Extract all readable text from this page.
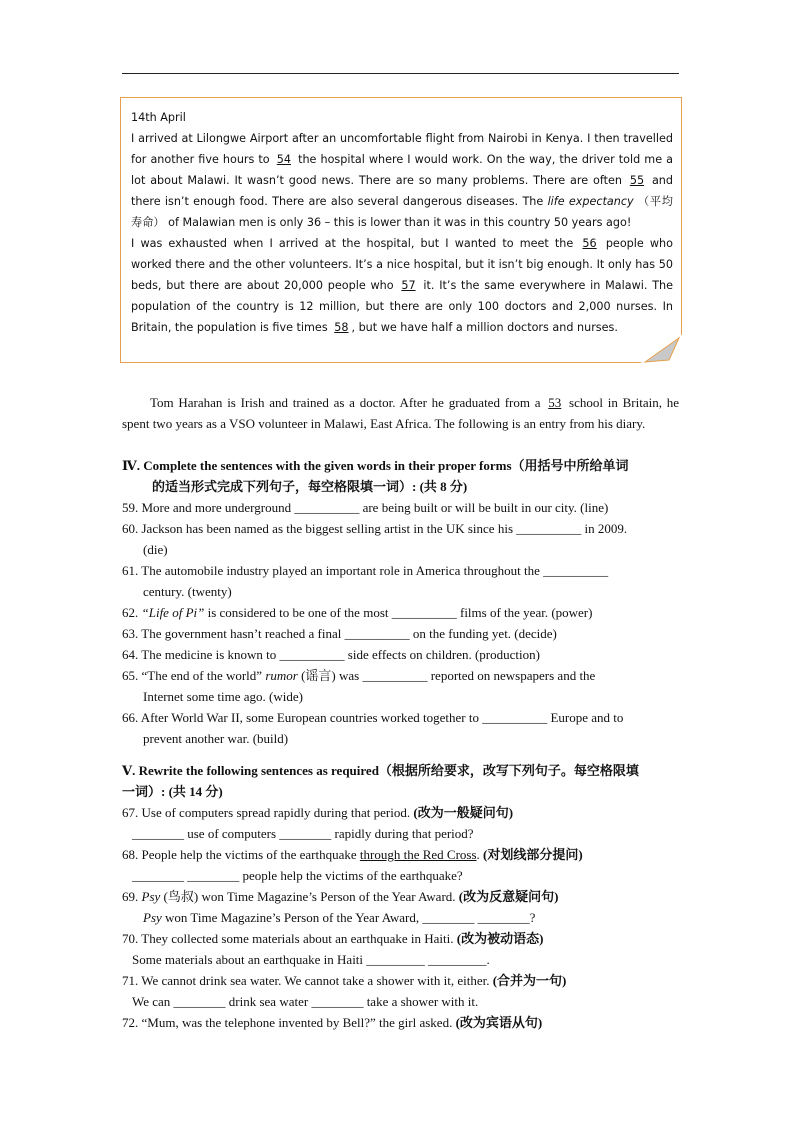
14th April

I arrived at Lilongwe Airport after an uncomfortable flight from Nairobi in Kenya. I then travelled for another five hours to 54 the hospital where I would work. On the way, the driver told me a lot about Malawi. It wasn’t good news. There are so many problems. There are often 55 and there isn’t enough food. There are also several dangerous diseases. The life expectancy （平均寿命） of Malawian men is only 36 – this is lower than it was in this country 50 years ago!

I was exhausted when I arrived at the hospital, but I wanted to meet the 56 people who worked there and the other volunteers. It’s a nice hospital, but it isn’t big enough. It only has 50 beds, but there are about 20,000 people who 57 it. It’s the same everywhere in Malawi. The population of the country is 12 million, but there are only 100 doctors and 2,000 nurses. In Britain, the population is five times 58 , but we have half a million doctors and nurses.

Tom Harahan is Irish and trained as a doctor. After he graduated from a 53 school in Britain, he spent two years as a VSO volunteer in Malawi, East Africa. The following is an entry from his diary.
Ⅳ. Complete the sentences with the given words in their proper forms（用括号中所给单词
的适当形式完成下列句子，每空格限填一词）: (共 8 分)
59. More and more underground __________ are being built or will be built in our city. (line)
60. Jackson has been named as the biggest selling artist in the UK since his __________ in 2009.
(die)
61. The automobile industry played an important role in America throughout the __________
century. (twenty)
62. “Life of Pi” is considered to be one of the most __________ films of the year. (power)
63. The government hasn’t reached a final __________ on the funding yet. (decide)
64. The medicine is known to __________ side effects on children. (production)
65. “The end of the world” rumor (谣言) was __________ reported on newspapers and the
Internet some time ago. (wide)
66. After World War II, some European countries worked together to __________ Europe and to
prevent another war. (build)
Ⅴ. Rewrite the following sentences as required（根据所给要求，改写下列句子。每空格限填
一词）: (共 14 分)
67. Use of computers spread rapidly during that period. (改为一般疑问句)
________ use of computers ________ rapidly during that period?
68. People help the victims of the earthquake through the Red Cross. (对划线部分提问)
________ ________ people help the victims of the earthquake?
69. Psy (鸟叔) won Time Magazine’s Person of the Year Award. (改为反意疑问句)
Psy won Time Magazine’s Person of the Year Award, ________ ________?
70. They collected some materials about an earthquake in Haiti. (改为被动语态)
Some materials about an earthquake in Haiti _________ _________.
71. We cannot drink sea water. We cannot take a shower with it, either. (合并为一句)
We can ________ drink sea water ________ take a shower with it.
72. “Mum, was the telephone invented by Bell?” the girl asked. (改为宾语从句)
